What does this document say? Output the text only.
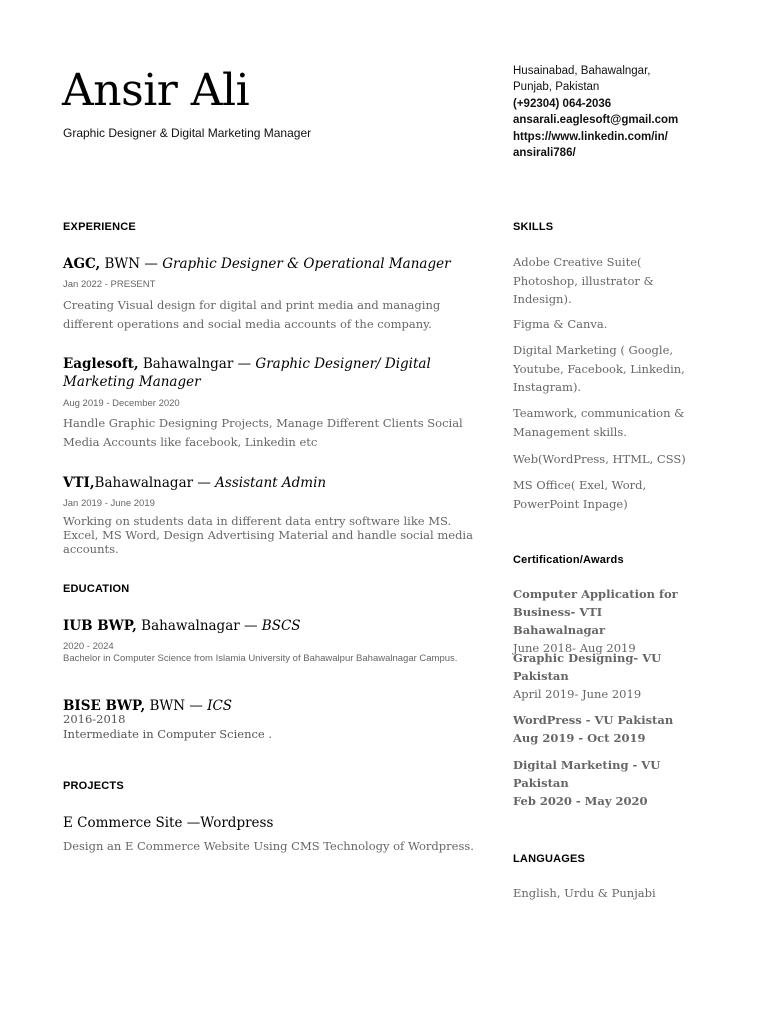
Ansir Ali
Graphic Designer & Digital Marketing Manager
Husainabad, Bahawalngar,
Punjab, Pakistan
(+92304) 064-2036
ansarali.eaglesoft@gmail.com
https://www.linkedin.com/in/
ansirali786/
EXPERIENCE
AGC, BWN — Graphic Designer & Operational Manager
Jan 2022 - PRESENT
Creating Visual design for digital and print media and managing different operations and social media accounts of the company.
Eaglesoft, Bahawalngar — Graphic Designer/ Digital Marketing Manager
Aug 2019 - December 2020
Handle Graphic Designing Projects, Manage Different Clients Social Media Accounts like facebook, Linkedin etc
VTI,Bahawalnagar — Assistant Admin
Jan 2019 - June 2019
Working on students data in different data entry software like MS. Excel, MS Word, Design Advertising Material and handle social media accounts.
EDUCATION
IUB BWP, Bahawalnagar — BSCS
2020 - 2024
Bachelor in Computer Science from Islamia University of Bahawalpur Bahawalnagar Campus.
BISE BWP, BWN — ICS
2016-2018
Intermediate in Computer Science .
PROJECTS
E Commerce Site —Wordpress
Design an E Commerce Website Using CMS Technology of Wordpress.
SKILLS
Adobe Creative Suite( Photoshop, illustrator & Indesign).
Figma & Canva.
Digital Marketing ( Google, Youtube, Facebook, Linkedin, Instagram).
Teamwork, communication & Management skills.
Web(WordPress, HTML, CSS)
MS Office( Exel, Word, PowerPoint Inpage)
Certification/Awards
Computer Application for Business- VTI Bahawalnagar
June 2018- Aug 2019
Graphic Designing- VU Pakistan
April 2019- June 2019
WordPress - VU Pakistan
Aug 2019 - Oct 2019
Digital Marketing - VU Pakistan
Feb 2020 - May 2020
LANGUAGES
English, Urdu & Punjabi
